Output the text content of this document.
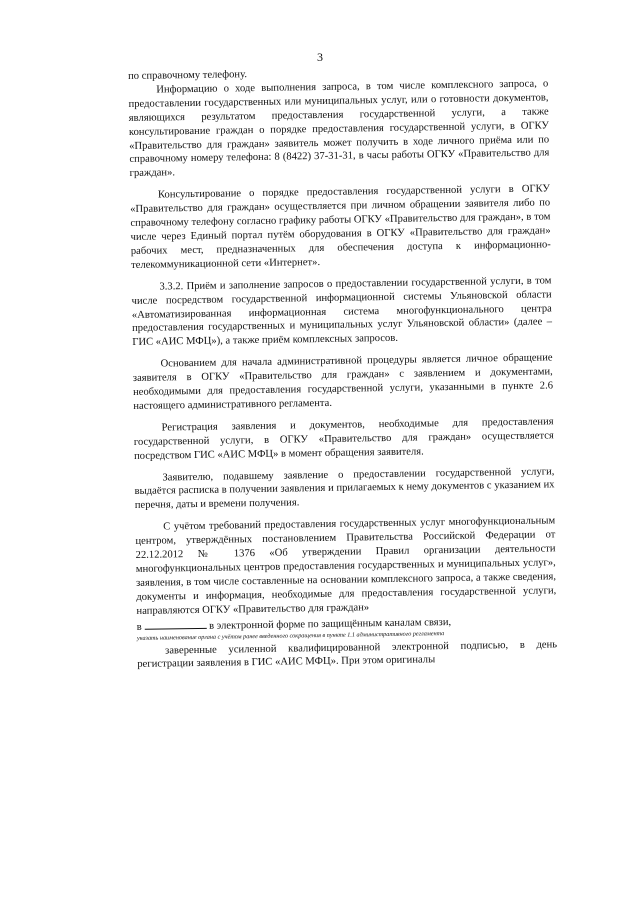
3

по справочному телефону.

Информацию о ходе выполнения запроса, в том числе комплексного запроса, о предоставлении государственных или муниципальных услуг, или о готовности документов, являющихся результатом предоставления государственной услуги, а также консультирование граждан о порядке предоставления государственной услуги, в ОГКУ «Правительство для граждан» заявитель может получить в ходе личного приёма или по справочному номеру телефона: 8 (8422) 37-31-31, в часы работы ОГКУ «Правительство для граждан».

Консультирование о порядке предоставления государственной услуги в ОГКУ «Правительство для граждан» осуществляется при личном обращении заявителя либо по справочному телефону согласно графику работы ОГКУ «Правительство для граждан», в том числе через Единый портал путём оборудования в ОГКУ «Правительство для граждан» рабочих мест, предназначенных для обеспечения доступа к информационно-телекоммуникационной сети «Интернет».

3.3.2. Приём и заполнение запросов о предоставлении государственной услуги, в том числе посредством государственной информационной системы Ульяновской области «Автоматизированная информационная система многофункционального центра предоставления государственных и муниципальных услуг Ульяновской области» (далее – ГИС «АИС МФЦ»), а также приём комплексных запросов.

Основанием для начала административной процедуры является личное обращение заявителя в ОГКУ «Правительство для граждан» с заявлением и документами, необходимыми для предоставления государственной услуги, указанными в пункте 2.6 настоящего административного регламента.

Регистрация заявления и документов, необходимые для предоставления государственной услуги, в ОГКУ «Правительство для граждан» осуществляется посредством ГИС «АИС МФЦ» в момент обращения заявителя.

Заявителю, подавшему заявление о предоставлении государственной услуги, выдаётся расписка в получении заявления и прилагаемых к нему документов с указанием их перечня, даты и времени получения.

С учётом требований предоставления государственных услуг многофункциональным центром, утверждённых постановлением Правительства Российской Федерации от 22.12.2012 № 1376 «Об утверждении Правил организации деятельности многофункциональных центров предоставления государственных и муниципальных услуг», заявления, в том числе составленные на основании комплексного запроса, а также сведения, документы и информация, необходимые для предоставления государственной услуги, направляются ОГКУ «Правительство для граждан»

в	в электронной форме по защищённым каналам связи,

указать наименование органа с учётом ранее введенного сокращения в пункте 1.1 административного регламента

заверенные усиленной квалифицированной электронной подписью, в день регистрации заявления в ГИС «АИС МФЦ». При этом оригиналы
